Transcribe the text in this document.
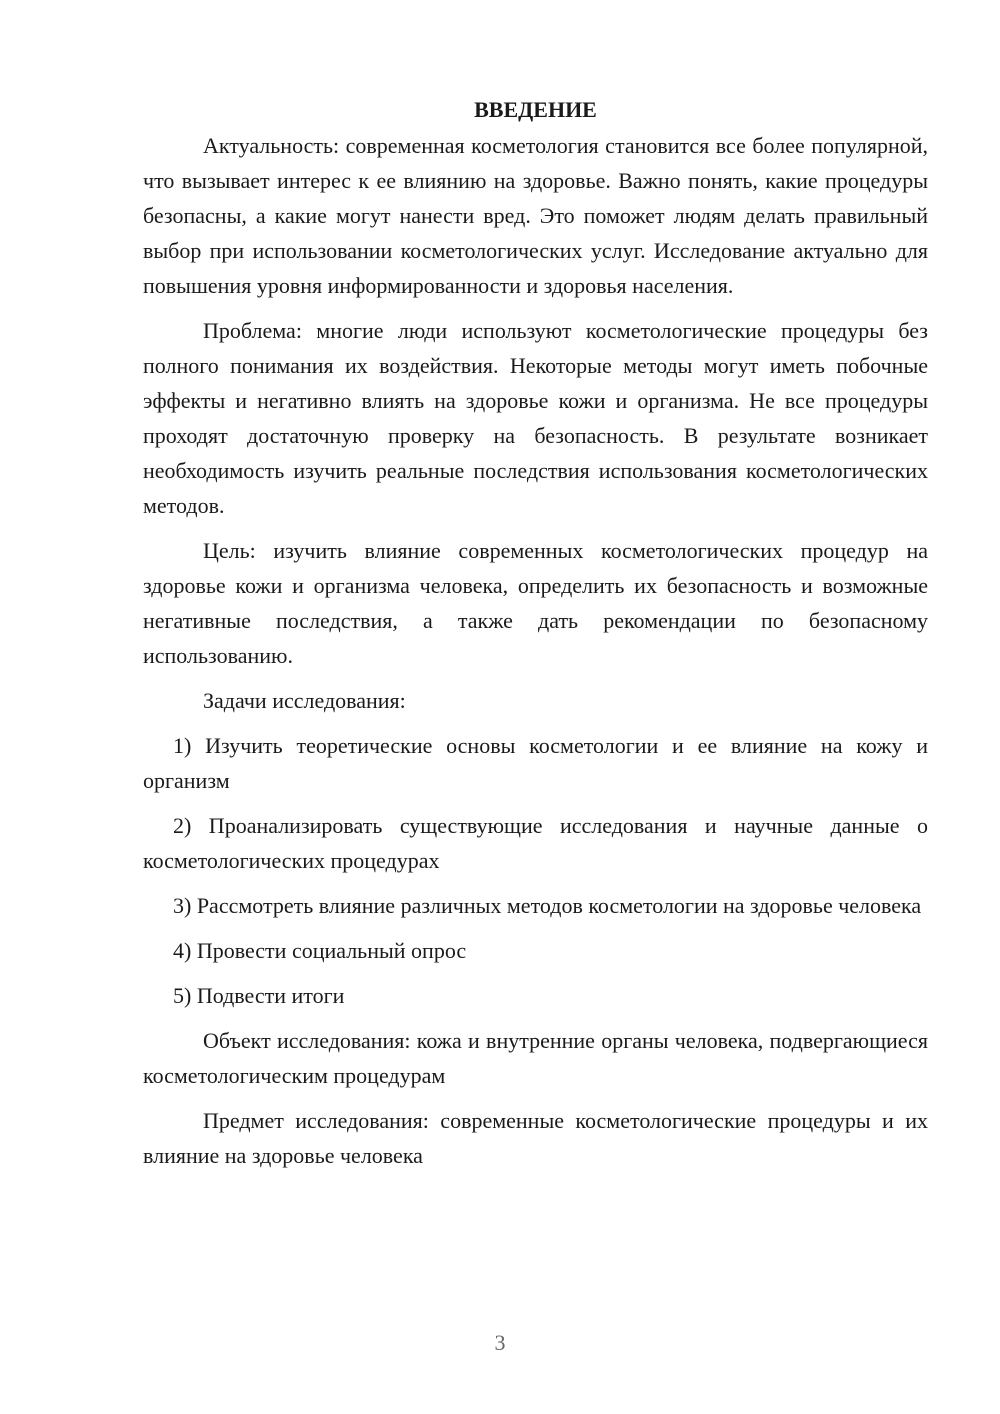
ВВЕДЕНИЕ

Актуальность: современная косметология становится все более популярной, что вызывает интерес к ее влиянию на здоровье. Важно понять, какие процедуры безопасны, а какие могут нанести вред. Это поможет людям делать правильный выбор при использовании косметологических услуг. Исследование актуально для повышения уровня информированности и здоровья населения.

Проблема: многие люди используют косметологические процедуры без полного понимания их воздействия. Некоторые методы могут иметь побочные эффекты и негативно влиять на здоровье кожи и организма. Не все процедуры проходят достаточную проверку на безопасность. В результате возникает необходимость изучить реальные последствия использования косметологических методов.

Цель: изучить влияние современных косметологических процедур на здоровье кожи и организма человека, определить их безопасность и возможные негативные последствия, а также дать рекомендации по безопасному использованию.

Задачи исследования:

1) Изучить теоретические основы косметологии и ее влияние на кожу и организм

2) Проанализировать существующие исследования и научные данные о косметологических процедурах

3) Рассмотреть влияние различных методов косметологии на здоровье человека

4) Провести социальный опрос

5) Подвести итоги

Объект исследования: кожа и внутренние органы человека, подвергающиеся косметологическим процедурам

Предмет исследования: современные косметологические процедуры и их влияние на здоровье человека

3
